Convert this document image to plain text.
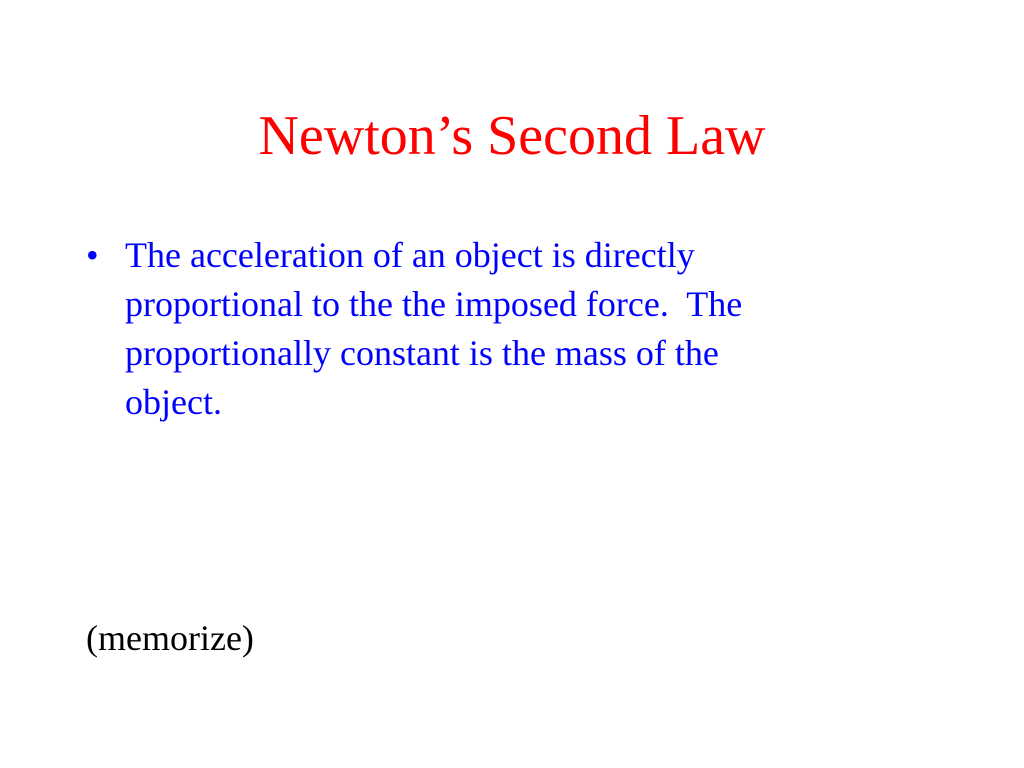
Newton’s Second Law
• The acceleration of an object is directly
proportional to the the imposed force.  The
proportionally constant is the mass of the
object.
(memorize)
